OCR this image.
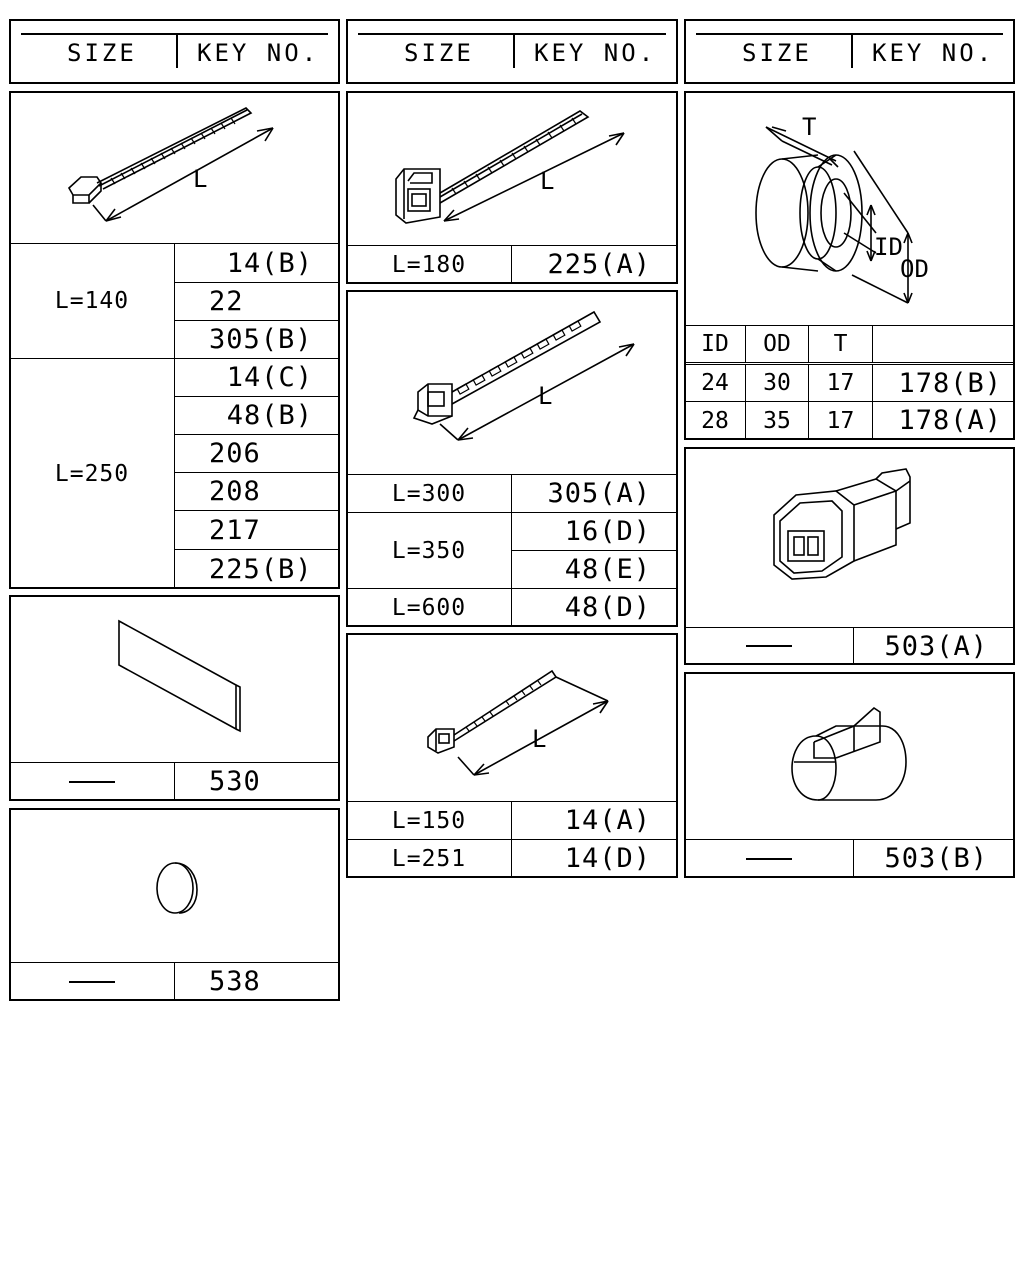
SIZE	KEY NO.	SIZE	KEY NO.	SIZE	KEY NO.
L
L=140
14(B)
22
305(B)
L=250
14(C)
48(B)
206
208
217
225(B)
530
538
L
L=180	225(A)
L
L=300	305(A)
L=350
16(D)
48(E)
L=600	48(D)
L
L=150	14(A)
L=251	14(D)
T
ID
OD
ID	OD	T
24	30	17	178(B)
28	35	17	178(A)
503(A)
503(B)
